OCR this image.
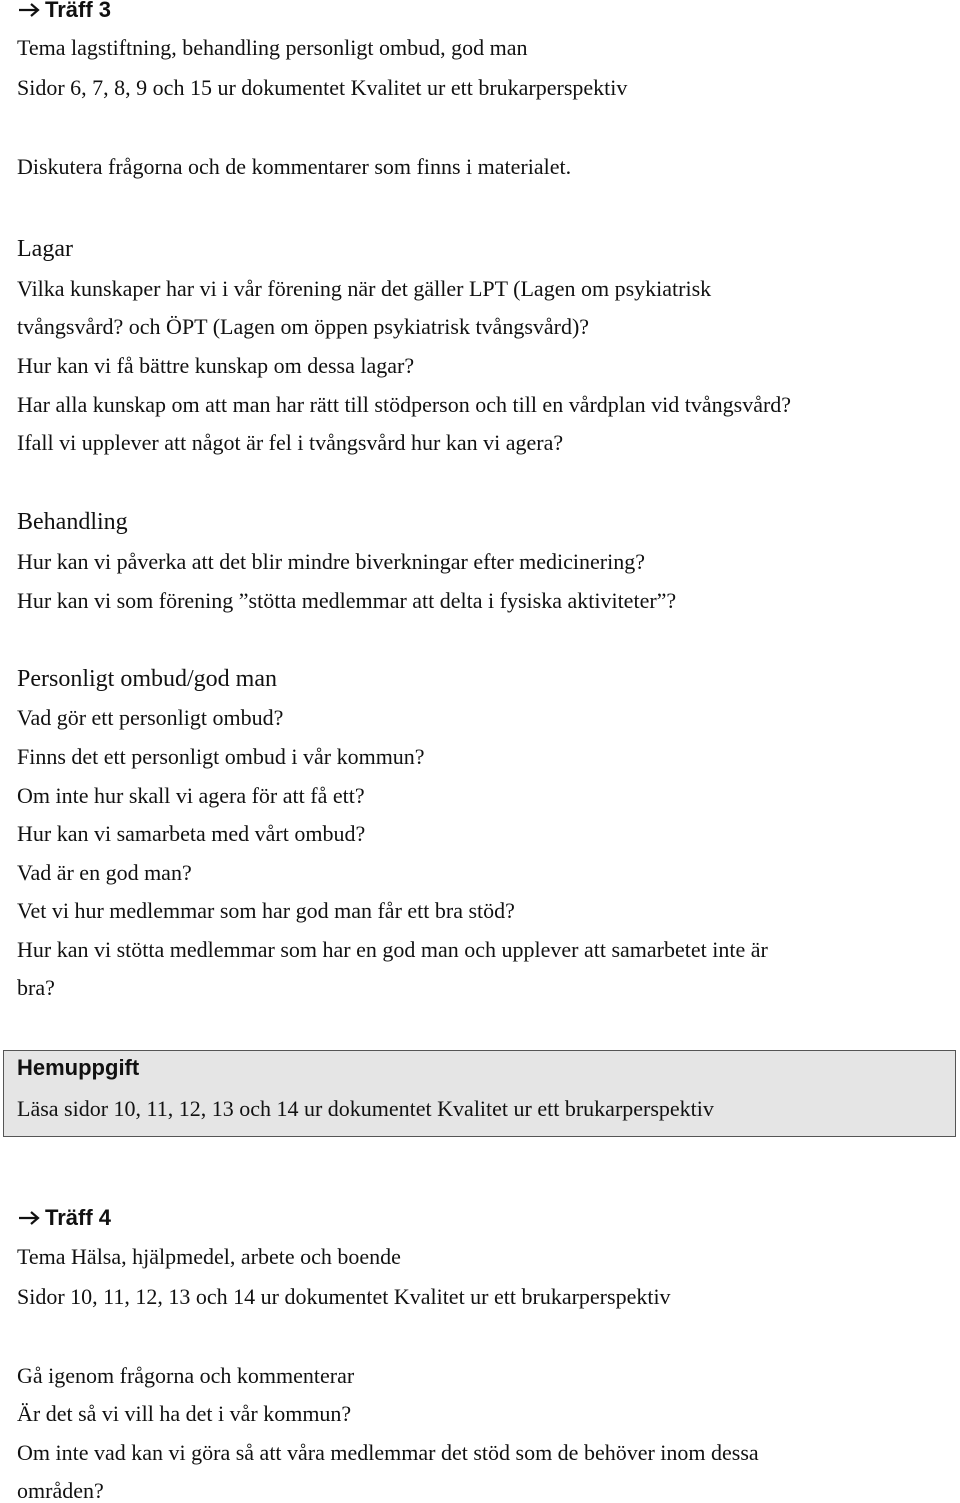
Träff 3
Tema lagstiftning, behandling personligt ombud, god man
Sidor 6, 7, 8, 9 och 15 ur dokumentet Kvalitet ur ett brukarperspektiv
Diskutera frågorna och de kommentarer som finns i materialet.
Lagar
Vilka kunskaper har vi i vår förening när det gäller LPT (Lagen om psykiatrisk
tvångsvård? och ÖPT (Lagen om öppen psykiatrisk tvångsvård)?
Hur kan vi få bättre kunskap om dessa lagar?
Har alla kunskap om att man har rätt till stödperson och till en vårdplan vid tvångsvård?
Ifall vi upplever att något är fel i tvångsvård hur kan vi agera?
Behandling
Hur kan vi påverka att det blir mindre biverkningar efter medicinering?
Hur kan vi som förening ”stötta medlemmar att delta i fysiska aktiviteter”?
Personligt ombud/god man
Vad gör ett personligt ombud?
Finns det ett personligt ombud i vår kommun?
Om inte hur skall vi agera för att få ett?
Hur kan vi samarbeta med vårt ombud?
Vad är en god man?
Vet vi hur medlemmar som har god man får ett bra stöd?
Hur kan vi stötta medlemmar som har en god man och upplever att samarbetet inte är
bra?
Hemuppgift
Läsa sidor 10, 11, 12, 13 och 14 ur dokumentet Kvalitet ur ett brukarperspektiv
Träff 4
Tema Hälsa, hjälpmedel, arbete och boende
Sidor 10, 11, 12, 13 och 14 ur dokumentet Kvalitet ur ett brukarperspektiv
Gå igenom frågorna och kommenterar
Är det så vi vill ha det i vår kommun?
Om inte vad kan vi göra så att våra medlemmar det stöd som de behöver inom dessa
områden?
